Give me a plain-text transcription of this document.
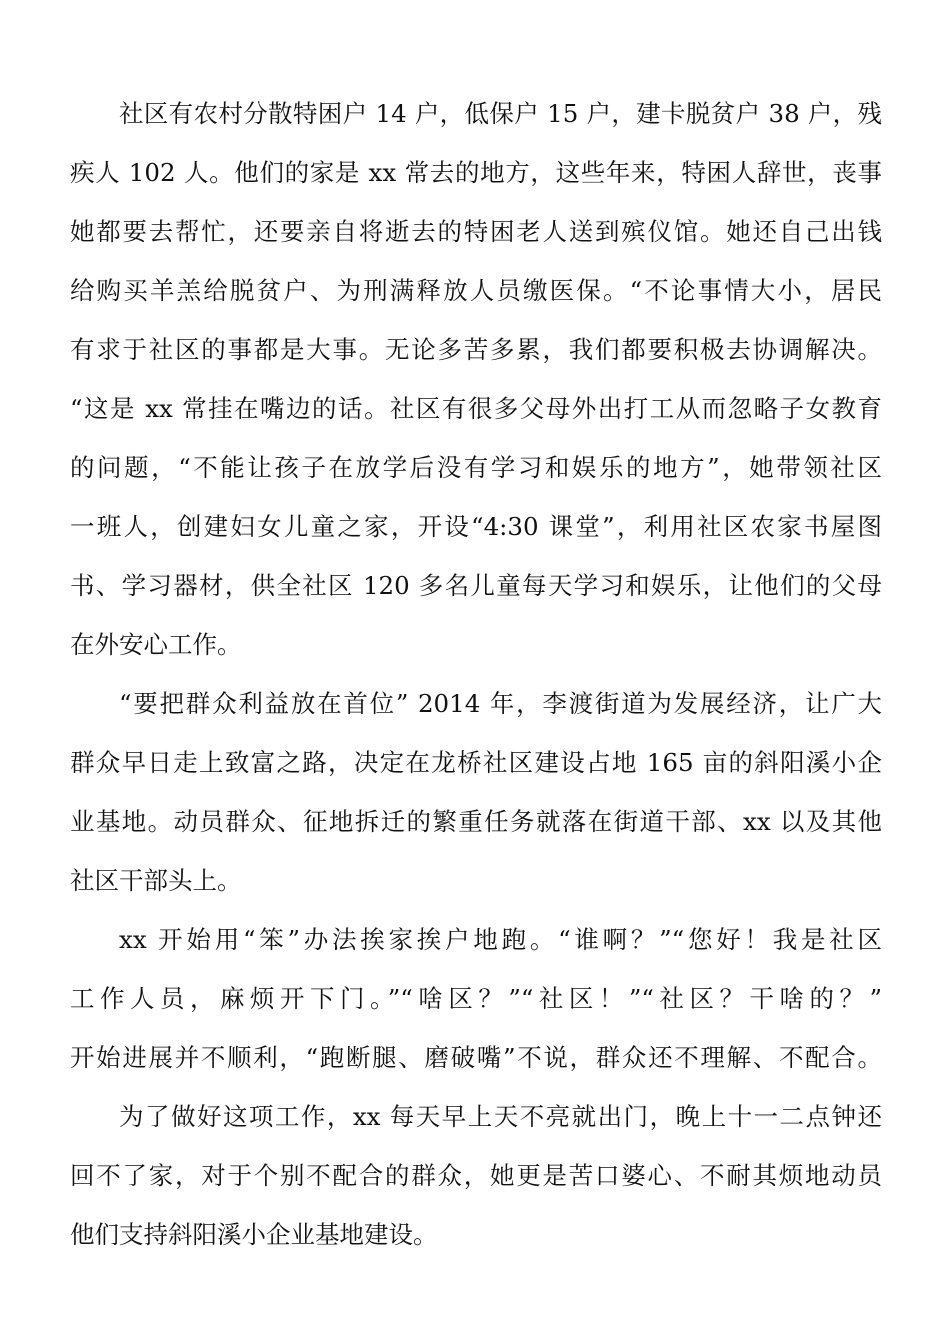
社区有农村分散特困户 14 户，低保户 15 户，建卡脱贫户 38 户，残
疾人 102 人。他们的家是 xx 常去的地方，这些年来，特困人辞世，丧事
她都要去帮忙，还要亲自将逝去的特困老人送到殡仪馆。她还自己出钱
给购买羊羔给脱贫户、为刑满释放人员缴医保。“不论事情大小，居民
有求于社区的事都是大事。无论多苦多累，我们都要积极去协调解决。
“这是 xx 常挂在嘴边的话。社区有很多父母外出打工从而忽略子女教育
的问题，“不能让孩子在放学后没有学习和娱乐的地方”，她带领社区
一班人，创建妇女儿童之家，开设“4:30 课堂”，利用社区农家书屋图
书、学习器材，供全社区 120 多名儿童每天学习和娱乐，让他们的父母
在外安心工作。
“要把群众利益放在首位” 2014 年，李渡街道为发展经济，让广大
群众早日走上致富之路，决定在龙桥社区建设占地 165 亩的斜阳溪小企
业基地。动员群众、征地拆迁的繁重任务就落在街道干部、xx 以及其他
社区干部头上。
xx 开始用“笨”办法挨家挨户地跑。“谁啊？”“您好！我是社区
工作人员，麻烦开下门。”“啥区？”“社区！”“社区？干啥的？”
开始进展并不顺利，“跑断腿、磨破嘴”不说，群众还不理解、不配合。
为了做好这项工作，xx 每天早上天不亮就出门，晚上十一二点钟还
回不了家，对于个别不配合的群众，她更是苦口婆心、不耐其烦地动员
他们支持斜阳溪小企业基地建设。
